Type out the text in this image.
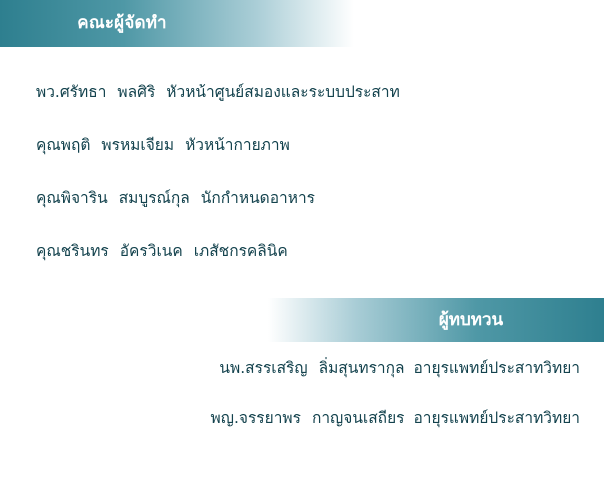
คณะผู้จัดทำ
พว.ศรัทธา พลศิริ หัวหน้าศูนย์สมองและระบบประสาท
คุณพฤติ พรหมเจียม หัวหน้ากายภาพ
คุณพิจาริน สมบูรณ์กุล นักกำหนดอาหาร
คุณชรินทร อัครวิเนค เภสัชกรคลินิค
ผู้ทบทวน
นพ.สรรเสริญ ลิ่มสุนทรากุล อายุรแพทย์ประสาทวิทยา
พญ.จรรยาพร กาญจนเสถียร อายุรแพทย์ประสาทวิทยา
